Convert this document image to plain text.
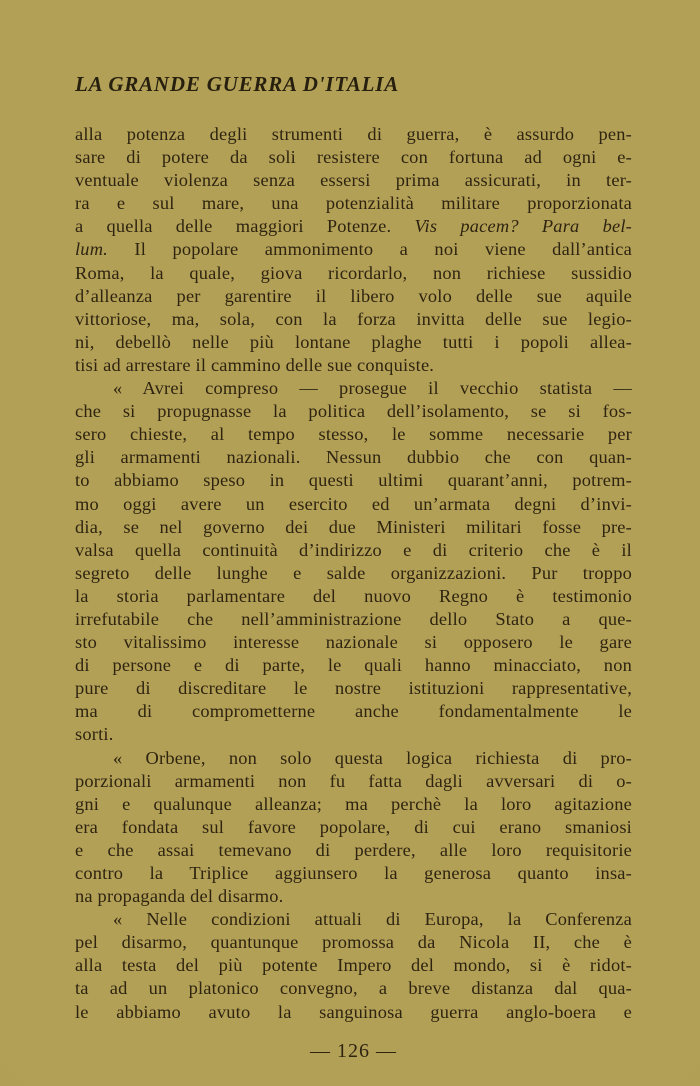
LA GRANDE GUERRA D'ITALIA
alla potenza degli strumenti di guerra, è assurdo pen-
sare di potere da soli resistere con fortuna ad ogni e-
ventuale violenza senza essersi prima assicurati, in ter-
ra e sul mare, una potenzialità militare proporzionata
a quella delle maggiori Potenze. Vis pacem? Para bel-
lum. Il popolare ammonimento a noi viene dall’antica
Roma, la quale, giova ricordarlo, non richiese sussidio
d’alleanza per garentire il libero volo delle sue aquile
vittoriose, ma, sola, con la forza invitta delle sue legio-
ni, debellò nelle più lontane plaghe tutti i popoli allea-
tisi ad arrestare il cammino delle sue conquiste.
« Avrei compreso — prosegue il vecchio statista —
che si propugnasse la politica dell’isolamento, se si fos-
sero chieste, al tempo stesso, le somme necessarie per
gli armamenti nazionali. Nessun dubbio che con quan-
to abbiamo speso in questi ultimi quarant’anni, potrem-
mo oggi avere un esercito ed un’armata degni d’invi-
dia, se nel governo dei due Ministeri militari fosse pre-
valsa quella continuità d’indirizzo e di criterio che è il
segreto delle lunghe e salde organizzazioni. Pur troppo
la storia parlamentare del nuovo Regno è testimonio
irrefutabile che nell’amministrazione dello Stato a que-
sto vitalissimo interesse nazionale si opposero le gare
di persone e di parte, le quali hanno minacciato, non
pure di discreditare le nostre istituzioni rappresentative,
ma di comprometterne anche fondamentalmente le
sorti.
« Orbene, non solo questa logica richiesta di pro-
porzionali armamenti non fu fatta dagli avversari di o-
gni e qualunque alleanza; ma perchè la loro agitazione
era fondata sul favore popolare, di cui erano smaniosi
e che assai temevano di perdere, alle loro requisitorie
contro la Triplice aggiunsero la generosa quanto insa-
na propaganda del disarmo.
« Nelle condizioni attuali di Europa, la Conferenza
pel disarmo, quantunque promossa da Nicola II, che è
alla testa del più potente Impero del mondo, si è ridot-
ta ad un platonico convegno, a breve distanza dal qua-
le abbiamo avuto la sanguinosa guerra anglo-boera e
— 126 —
